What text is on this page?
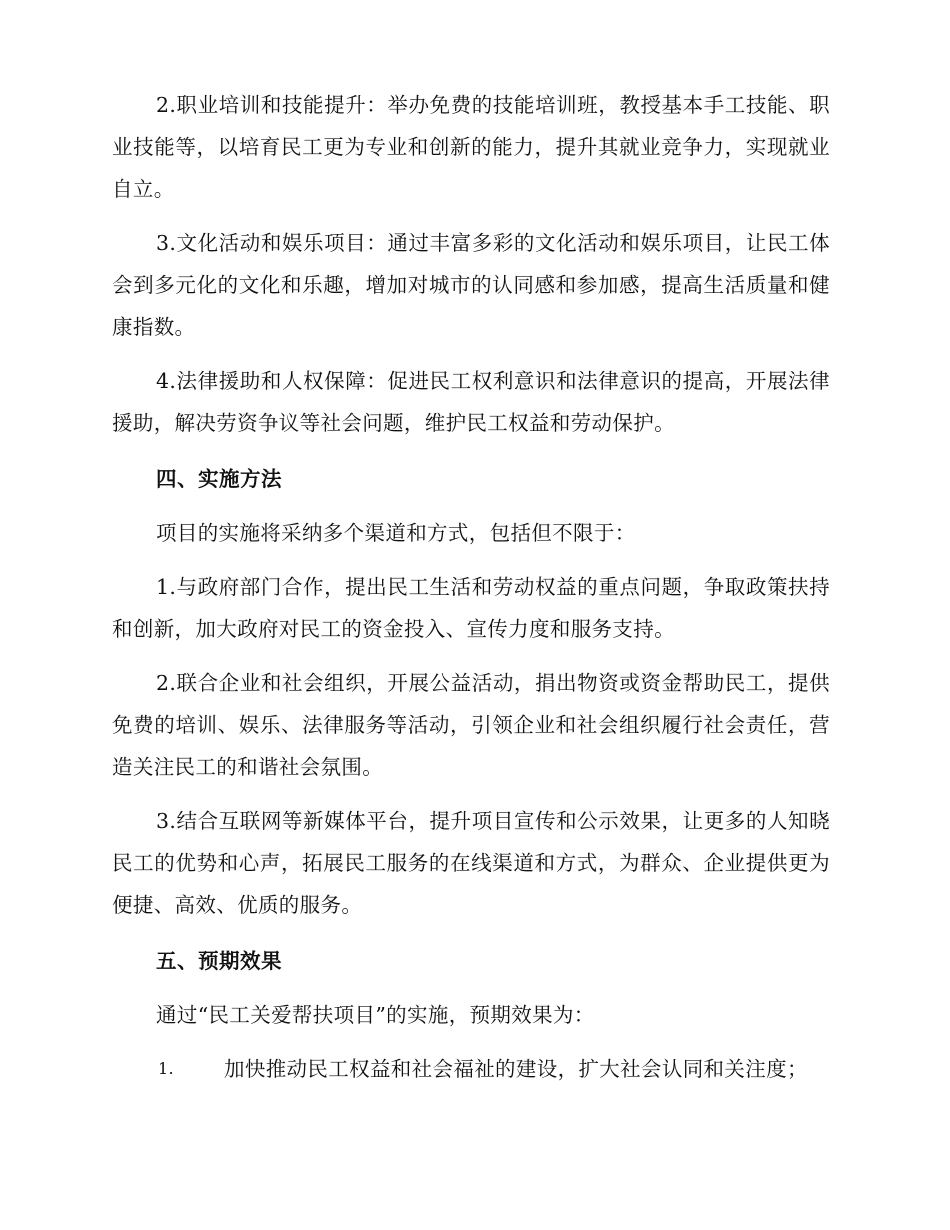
2.职业培训和技能提升：举办免费的技能培训班，教授基本手工技能、职业技能等，以培育民工更为专业和创新的能力，提升其就业竞争力，实现就业自立。

3.文化活动和娱乐项目：通过丰富多彩的文化活动和娱乐项目，让民工体会到多元化的文化和乐趣，增加对城市的认同感和参加感，提高生活质量和健康指数。

4.法律援助和人权保障：促进民工权利意识和法律意识的提高，开展法律援助，解决劳资争议等社会问题，维护民工权益和劳动保护。

四、实施方法

项目的实施将采纳多个渠道和方式，包括但不限于：

1.与政府部门合作，提出民工生活和劳动权益的重点问题，争取政策扶持和创新，加大政府对民工的资金投入、宣传力度和服务支持。

2.联合企业和社会组织，开展公益活动，捐出物资或资金帮助民工，提供免费的培训、娱乐、法律服务等活动，引领企业和社会组织履行社会责任，营造关注民工的和谐社会氛围。

3.结合互联网等新媒体平台，提升项目宣传和公示效果，让更多的人知晓民工的优势和心声，拓展民工服务的在线渠道和方式，为群众、企业提供更为便捷、高效、优质的服务。

五、预期效果

通过“民工关爱帮扶项目”的实施，预期效果为：

1. 加快推动民工权益和社会福祉的建设，扩大社会认同和关注度；
